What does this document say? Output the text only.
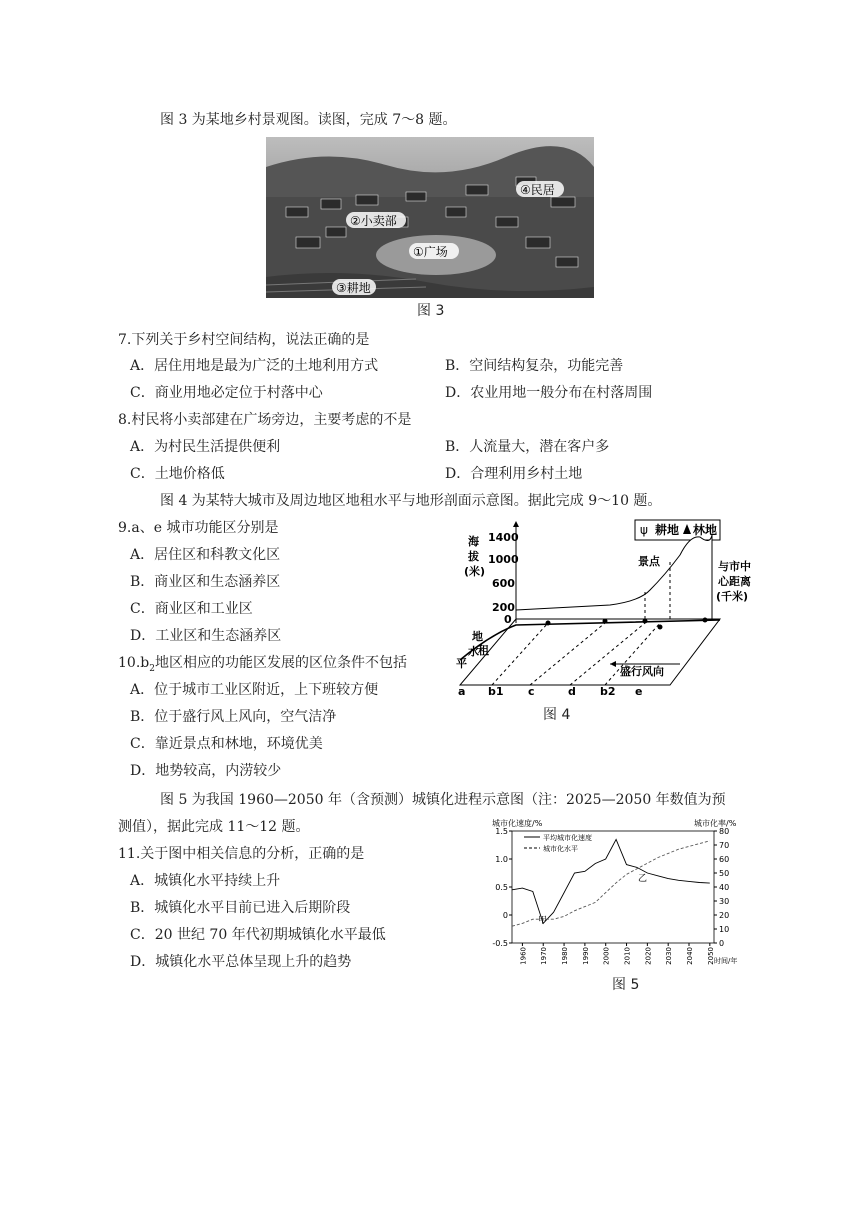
图 3 为某地乡村景观图。读图，完成 7～8 题。
④民居
②小卖部
①广场
③耕地
图 3
7.下列关于乡村空间结构，说法正确的是
A．居住用地是最为广泛的土地利用方式	B．空间结构复杂，功能完善
C．商业用地必定位于村落中心	D．农业用地一般分布在村落周围
8.村民将小卖部建在广场旁边，主要考虑的不是
A．为村民生活提供便利	B．人流量大，潜在客户多
C．土地价格低	D．合理利用乡村土地
图 4 为某特大城市及周边地区地租水平与地形剖面示意图。据此完成 9～10 题。
9.a、e 城市功能区分别是
A．居住区和科教文化区
B．商业区和生态涵养区
C．商业区和工业区
D．工业区和生态涵养区
$10.b_2$地区相应的功能区发展的区位条件不包括
A．位于城市工业区附近，上下班较方便
B．位于盛行风上风向，空气洁净
C．靠近景点和林地，环境优美
D．地势较高，内涝较少
耕地 林地
ψ
海
拔
(米)
1400
1000
600
200
0
景点	与市中
心距离
(千米)
地
租
水
平
盛行风向
a b1 c	d b2 e
图 4
图 5 为我国 1960—2050 年（含预测）城镇化进程示意图（注：2025—2050 年数值为预
测值），据此完成 11～12 题。
11.关于图中相关信息的分析，正确的是
A．城镇化水平持续上升
B．城镇化水平目前已进入后期阶段
C．20 世纪 70 年代初期城镇化水平最低
D．城镇化水平总体呈现上升的趋势
城市化速度/%	城市化率/%
时间/年
-0.5
0
0.5
1.0
1.5
0
10
20
30
40
50
60
70
80
1960 1970 1980 1990 2000 2010 2020 2030 2040 2050
平均城市化速度
城市化水平
甲
乙
图 5
